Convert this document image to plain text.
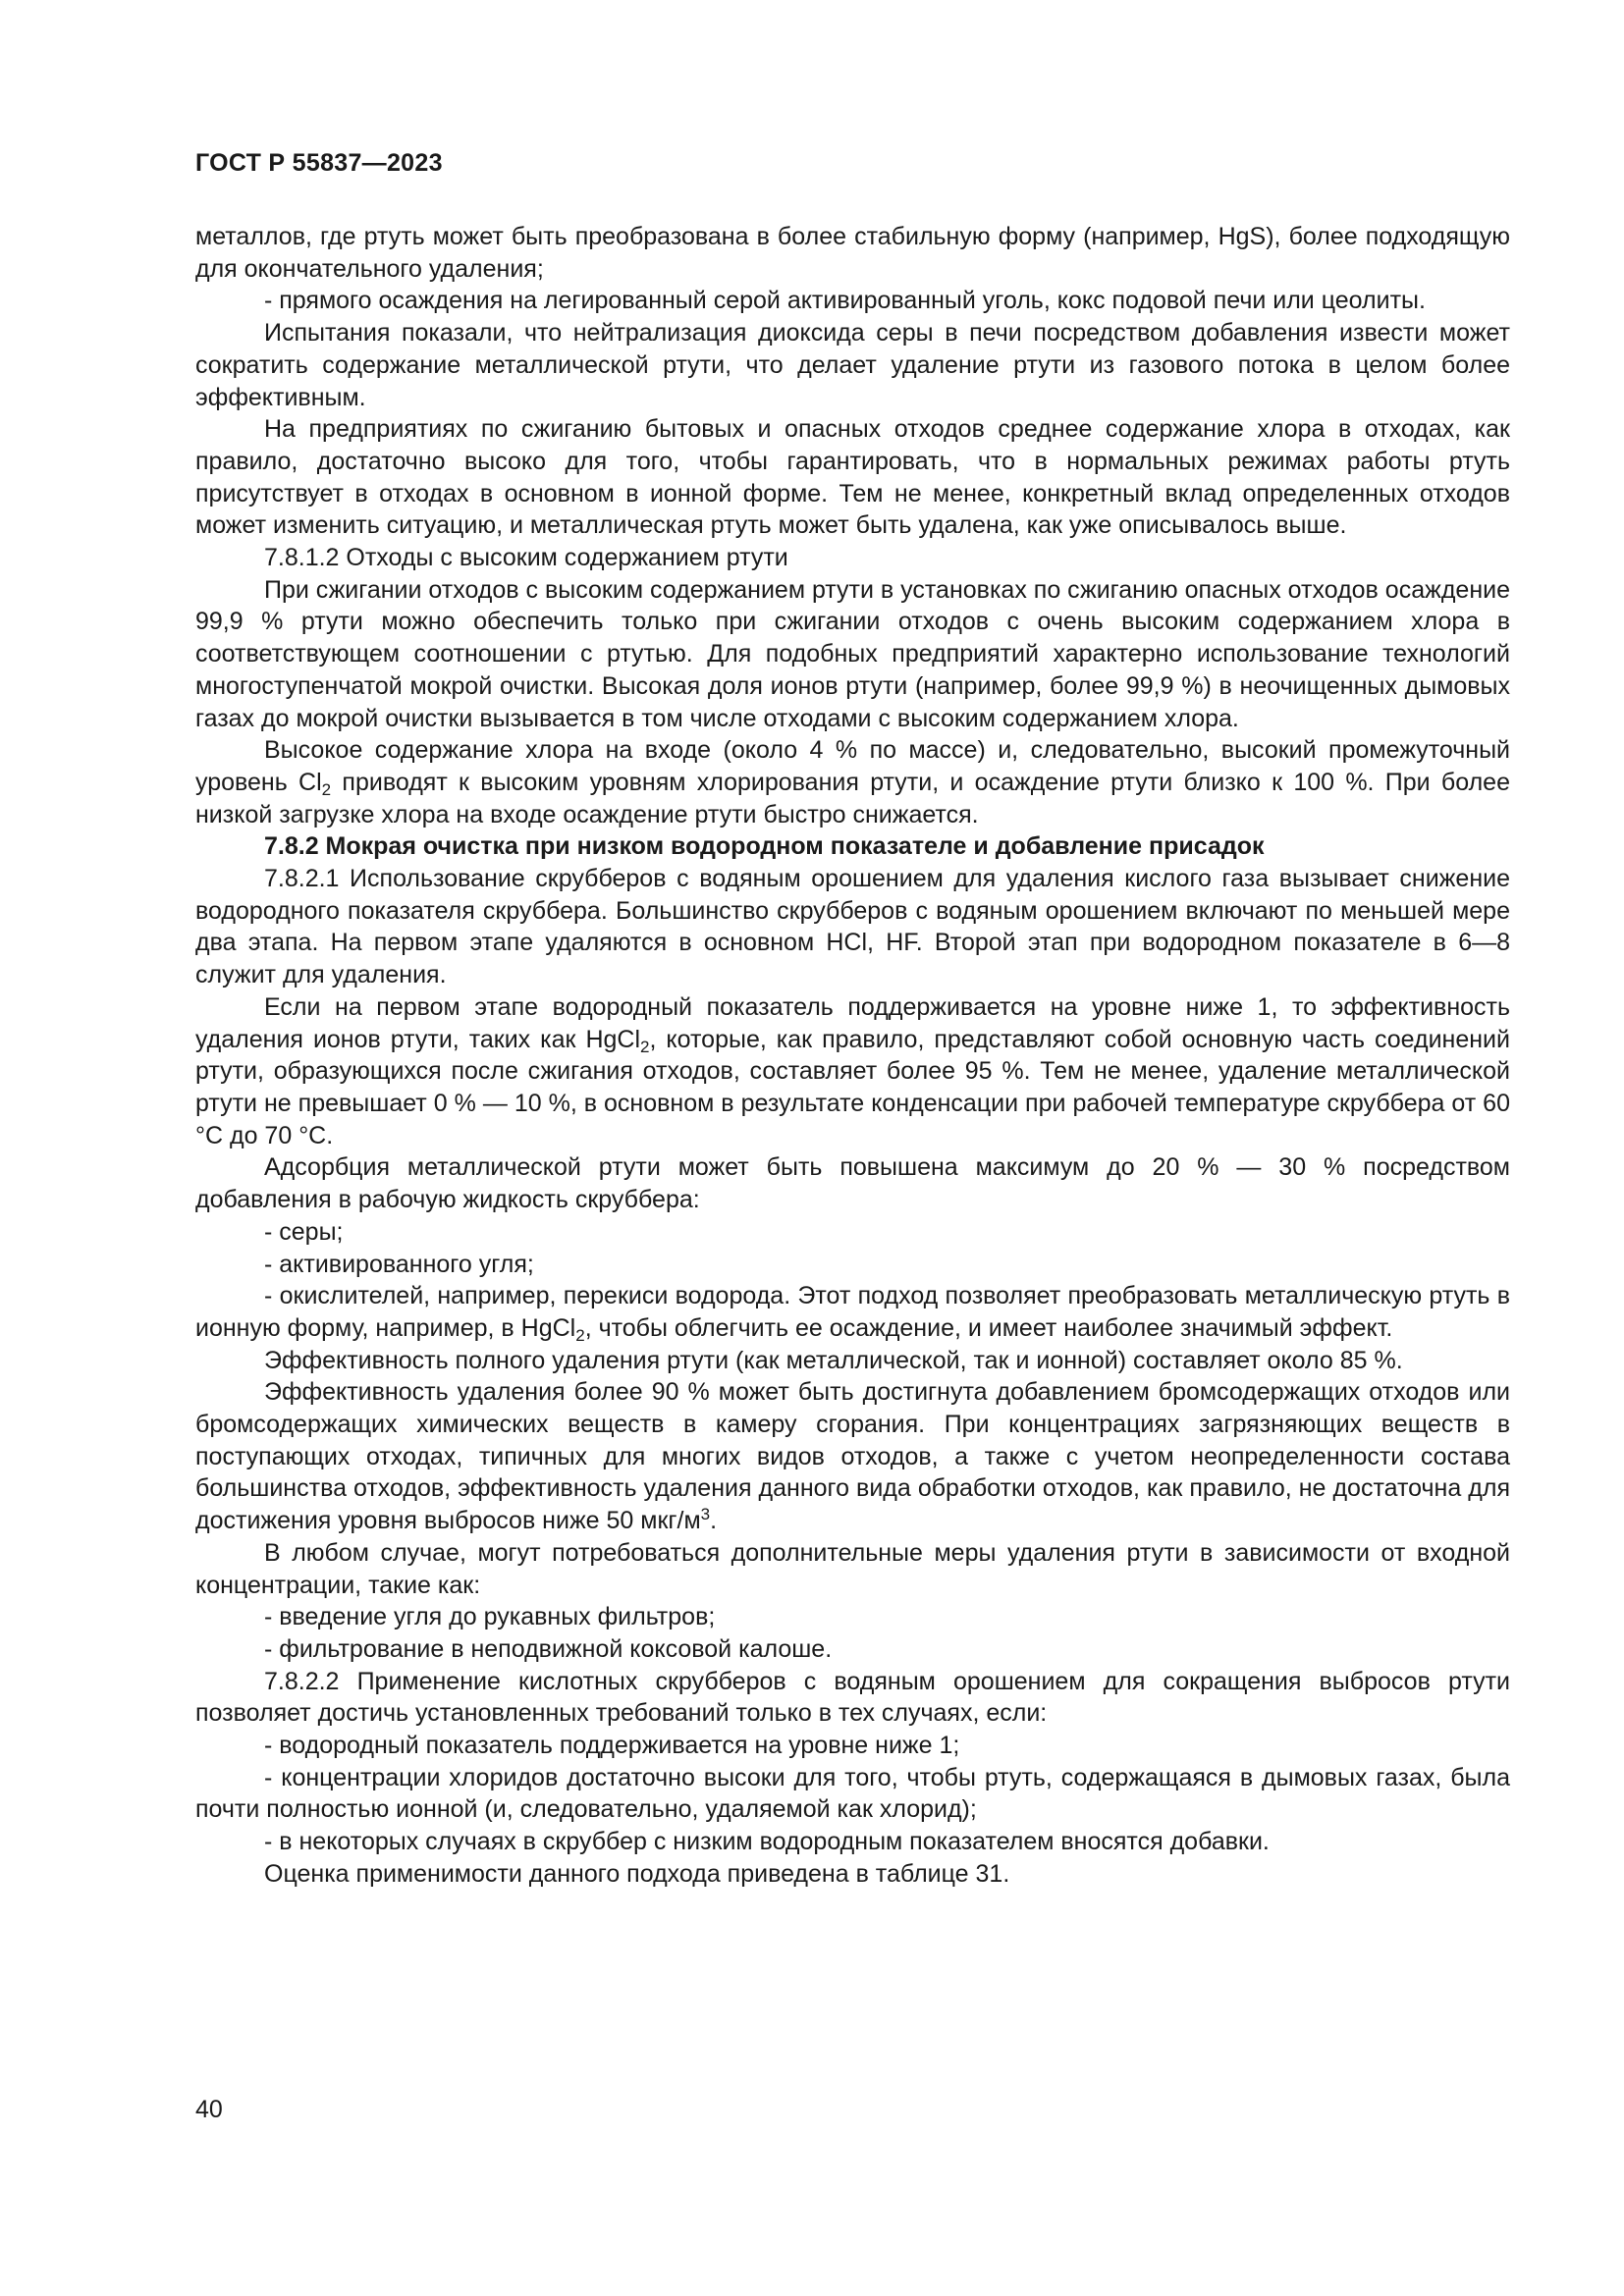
ГОСТ Р 55837—2023

металлов, где ртуть может быть преобразована в более стабильную форму (например, HgS), более подходящую для окончательного удаления;

- прямого осаждения на легированный серой активированный уголь, кокс подовой печи или цеолиты.

Испытания показали, что нейтрализация диоксида серы в печи посредством добавления извести может сократить содержание металлической ртути, что делает удаление ртути из газового потока в целом более эффективным.

На предприятиях по сжиганию бытовых и опасных отходов среднее содержание хлора в отходах, как правило, достаточно высоко для того, чтобы гарантировать, что в нормальных режимах работы ртуть присутствует в отходах в основном в ионной форме. Тем не менее, конкретный вклад определенных отходов может изменить ситуацию, и металлическая ртуть может быть удалена, как уже описывалось выше.

7.8.1.2 Отходы с высоким содержанием ртути

При сжигании отходов с высоким содержанием ртути в установках по сжиганию опасных отходов осаждение 99,9 % ртути можно обеспечить только при сжигании отходов с очень высоким содержанием хлора в соответствующем соотношении с ртутью. Для подобных предприятий характерно использование технологий многоступенчатой мокрой очистки. Высокая доля ионов ртути (например, более 99,9 %) в неочищенных дымовых газах до мокрой очистки вызывается в том числе отходами с высоким содержанием хлора.

Высокое содержание хлора на входе (около 4 % по массе) и, следовательно, высокий промежуточный уровень $Cl_2$ приводят к высоким уровням хлорирования ртути, и осаждение ртути близко к 100 %. При более низкой загрузке хлора на входе осаждение ртути быстро снижается.

7.8.2 Мокрая очистка при низком водородном показателе и добавление присадок

7.8.2.1 Использование скрубберов с водяным орошением для удаления кислого газа вызывает снижение водородного показателя скруббера. Большинство скрубберов с водяным орошением включают по меньшей мере два этапа. На первом этапе удаляются в основном HCl, HF. Второй этап при водородном показателе в 6—8 служит для удаления.

Если на первом этапе водородный показатель поддерживается на уровне ниже 1, то эффективность удаления ионов ртути, таких как HgCl$_2$, которые, как правило, представляют собой основную часть соединений ртути, образующихся после сжигания отходов, составляет более 95 %. Тем не менее, удаление металлической ртути не превышает 0 % — 10 %, в основном в результате конденсации при рабочей температуре скруббера от 60 °С до 70 °С.

Адсорбция металлической ртути может быть повышена максимум до 20 % — 30 % посредством добавления в рабочую жидкость скруббера:

- серы;

- активированного угля;

- окислителей, например, перекиси водорода. Этот подход позволяет преобразовать металлическую ртуть в ионную форму, например, в HgCl$_2$, чтобы облегчить ее осаждение, и имеет наиболее значимый эффект.

Эффективность полного удаления ртути (как металлической, так и ионной) составляет около 85 %.

Эффективность удаления более 90 % может быть достигнута добавлением бромсодержащих отходов или бромсодержащих химических веществ в камеру сгорания. При концентрациях загрязняющих веществ в поступающих отходах, типичных для многих видов отходов, а также с учетом неопределенности состава большинства отходов, эффективность удаления данного вида обработки отходов, как правило, не достаточна для достижения уровня выбросов ниже 50 мкг/$м^3$.

В любом случае, могут потребоваться дополнительные меры удаления ртути в зависимости от входной концентрации, такие как:

- введение угля до рукавных фильтров;

- фильтрование в неподвижной коксовой калоше.

7.8.2.2 Применение кислотных скрубберов с водяным орошением для сокращения выбросов ртути позволяет достичь установленных требований только в тех случаях, если:

- водородный показатель поддерживается на уровне ниже 1;

- концентрации хлоридов достаточно высоки для того, чтобы ртуть, содержащаяся в дымовых газах, была почти полностью ионной (и, следовательно, удаляемой как хлорид);

- в некоторых случаях в скруббер с низким водородным показателем вносятся добавки.

Оценка применимости данного подхода приведена в таблице 31.

40
